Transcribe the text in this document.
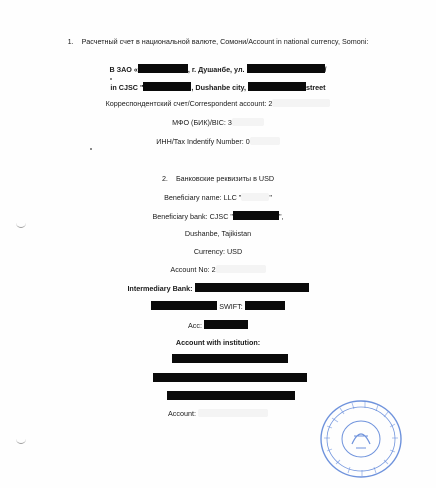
1. Расчетный счет в национальной валюте, Сомони/Account in national currency, Somoni:
В ЗАО «	, г. Душанбе, ул.	/
in CJSC "	, Dushanbe city,	street
Корреспондентский счет/Correspondent account: 2
МФО (БИК)/BIC: 3
ИНН/Tax Indentify Number: 0
2. Банковские реквизиты в USD
Beneficiary name: LLC "	"
Beneficiary bank: CJSC "	",
Dushanbe, Tajikistan
Currency: USD
Account No: 2
Intermediary Bank:
SWIFT:
Acc:
Account with institution:
Account:
